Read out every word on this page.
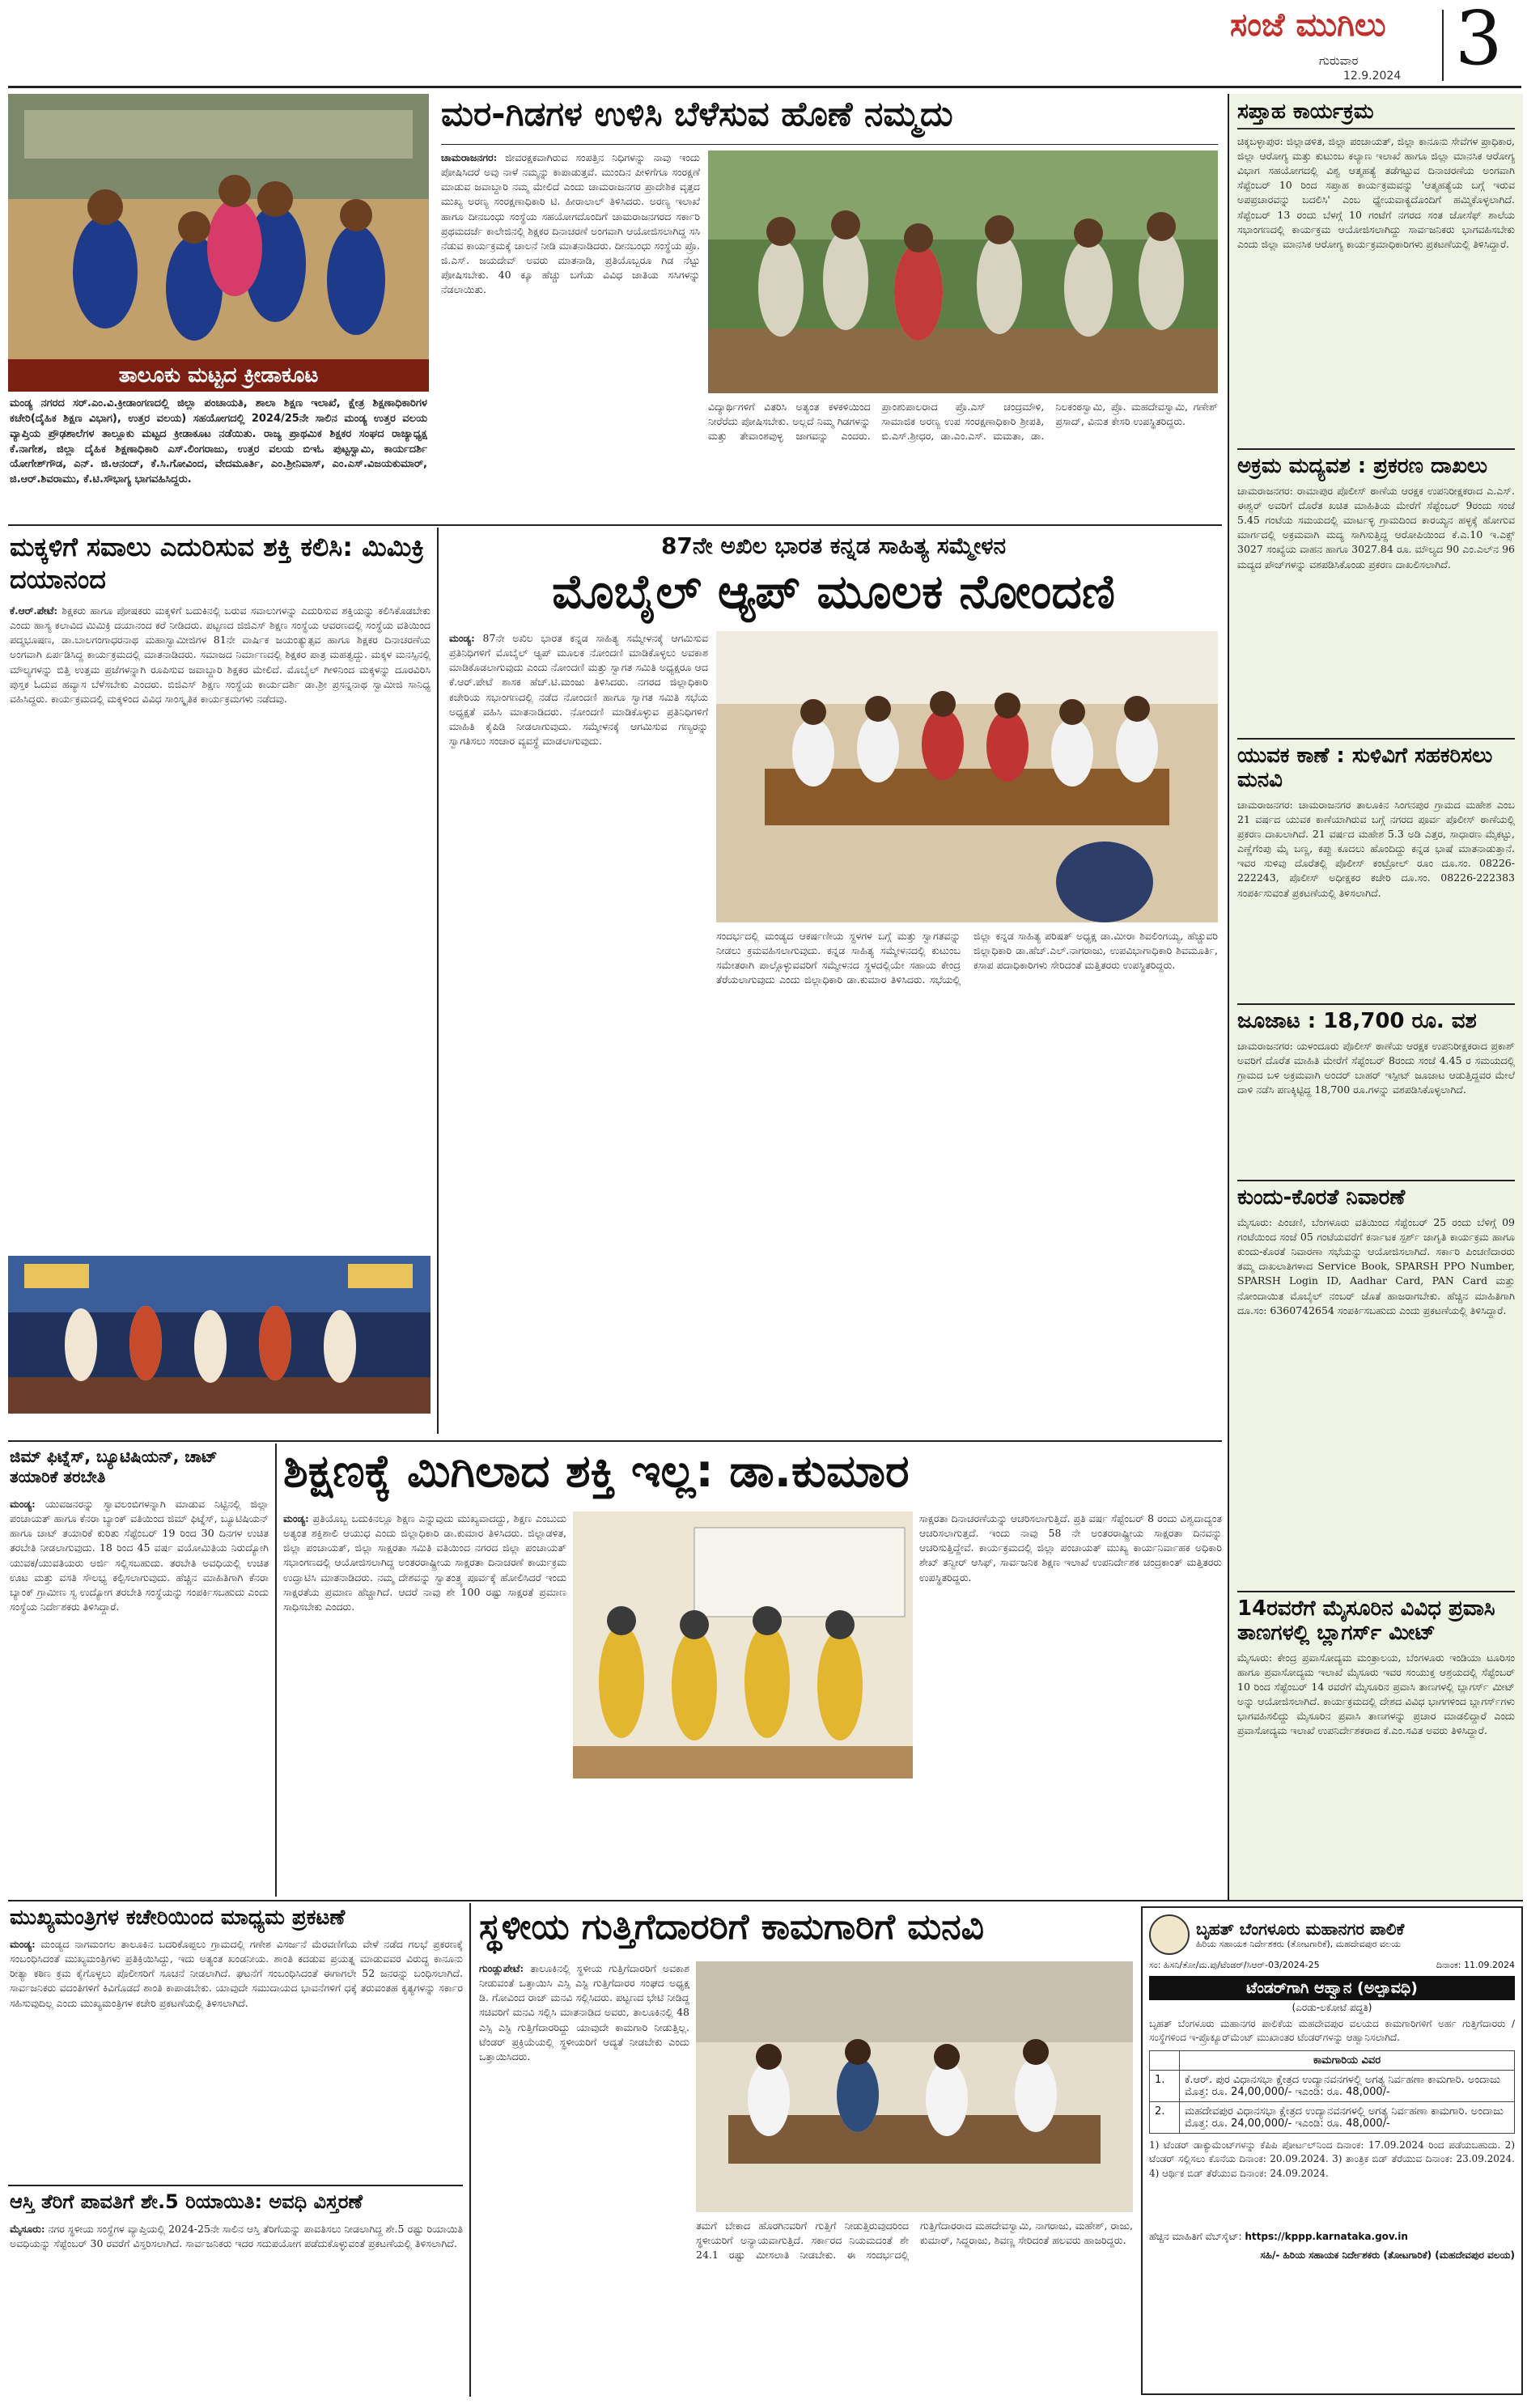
ಸಂಜೆ ಮುಗಿಲು
ಗುರುವಾರ
12.9.2024 3
ತಾಲೂಕು ಮಟ್ಟದ ಕ್ರೀಡಾಕೂಟ
ಮಂಡ್ಯ ನಗರದ ಸರ್.ಎಂ.ವಿ.ಕ್ರೀಡಾಂಗಣದಲ್ಲಿ ಜಿಲ್ಲಾ ಪಂಚಾಯತಿ, ಶಾಲಾ ಶಿಕ್ಷಣ ಇಲಾಖೆ, ಕ್ಷೇತ್ರ ಶಿಕ್ಷಣಾಧಿಕಾರಿಗಳ ಕಚೇರಿ(ದೈಹಿಕ ಶಿಕ್ಷಣ ವಿಭಾಗ), ಉತ್ತರ ವಲಯ) ಸಹಯೋಗದಲ್ಲಿ 2024/25ನೇ ಸಾಲಿನ ಮಂಡ್ಯ ಉತ್ತರ ವಲಯ ವ್ಯಾಪ್ತಿಯ ಪ್ರೌಢಶಾಲೆಗಳ ತಾಲ್ಲೂಕು ಮಟ್ಟದ ಕ್ರೀಡಾಕೂಟ ನಡೆಯಿತು. ರಾಜ್ಯ ಪ್ರಾಥಮಿಕ ಶಿಕ್ಷಕರ ಸಂಘದ ರಾಜ್ಯಾಧ್ಯಕ್ಷ ಕೆ.ನಾಗೇಶ, ಜಿಲ್ಲಾ ದೈಹಿಕ ಶಿಕ್ಷಣಾಧಿಕಾರಿ ಎಸ್.ಲಿಂಗರಾಜು, ಉತ್ತರ ವಲಯ ಬಿಇಓ ಪುಟ್ಟಸ್ವಾಮಿ, ಕಾರ್ಯದರ್ಶಿ ಯೋಗೇಶ್‌ಗೌಡ, ಎನ್. ಜಿ.ಆನಂದ್, ಕೆ.ಸಿ.ಗೋವಿಂದ, ವೇದಮೂರ್ತಿ, ಎಂ.ಶ್ರೀನಿವಾಸ್, ಎಂ.ಎಸ್.ವಿಜಯಕುಮಾರ್, ಜಿ.ಆರ್.ಶಿವರಾಮು, ಕೆ.ಟಿ.ಸೌಭಾಗ್ಯ ಭಾಗವಹಿಸಿದ್ದರು.
ಮರ-ಗಿಡಗಳ ಉಳಿಸಿ ಬೆಳೆಸುವ ಹೊಣೆ ನಮ್ಮದು
ಚಾಮರಾಜನಗರ: ಜೀವರಕ್ಷಕವಾಗಿರುವ ಸಂಪತ್ತಿನ ನಿಧಿಗಳನ್ನು ನಾವು ಇಂದು ಪೋಷಿಸಿದರೆ ಅವು ನಾಳೆ ನಮ್ಮನ್ನು ಕಾಪಾಡುತ್ತವೆ. ಮುಂದಿನ ಪೀಳಿಗೆಗೂ ಸಂರಕ್ಷಣೆ ಮಾಡುವ ಜವಾಬ್ದಾರಿ ನಮ್ಮ ಮೇಲಿದೆ ಎಂದು ಚಾಮರಾಜನಗರ ಪ್ರಾದೇಶಿಕ ವೃತ್ತದ ಮುಖ್ಯ ಅರಣ್ಯ ಸಂರಕ್ಷಣಾಧಿಕಾರಿ ಟಿ. ಹೀರಾಲಾಲ್ ತಿಳಿಸಿದರು. ಅರಣ್ಯ ಇಲಾಖೆ ಹಾಗೂ ದೀನಬಂಧು ಸಂಸ್ಥೆಯ ಸಹಯೋಗದೊಂದಿಗೆ ಚಾಮರಾಜನಗರದ ಸರ್ಕಾರಿ ಪ್ರಥಮದರ್ಜೆ ಕಾಲೇಜಿನಲ್ಲಿ ಶಿಕ್ಷಕರ ದಿನಾಚರಣೆ ಅಂಗವಾಗಿ ಆಯೋಜಿಸಲಾಗಿದ್ದ ಸಸಿ ನೆಡುವ ಕಾರ್ಯಕ್ರಮಕ್ಕೆ ಚಾಲನೆ ನೀಡಿ ಮಾತನಾಡಿದರು. ದೀನಬಂಧು ಸಂಸ್ಥೆಯ ಪ್ರೊ. ಜಿ.ಎಸ್. ಜಯದೇವ್ ಅವರು ಮಾತನಾಡಿ, ಪ್ರತಿಯೊಬ್ಬರೂ ಗಿಡ ನೆಟ್ಟು ಪೋಷಿಸಬೇಕು. 40 ಕ್ಕೂ ಹೆಚ್ಚು ಬಗೆಯ ವಿವಿಧ ಜಾತಿಯ ಸಸಿಗಳನ್ನು ನೆಡಲಾಯಿತು.
ವಿದ್ಯಾರ್ಥಿಗಳಿಗೆ ವಿತರಿಸಿ ಅತ್ಯಂತ ಕಳಕಳಿಯಿಂದ ನೀರೆರೆದು ಪೋಷಿಸಬೇಕು. ಅಲ್ಲದೆ ನಿಮ್ಮ ಗಿಡಗಳನ್ನು ಮತ್ತು ತೇವಾಂಶವುಳ್ಳ ಜಾಗವನ್ನು ಎಂದರು. ಪ್ರಾಂಶುಪಾಲರಾದ ಪ್ರೊ.ಎಸ್ ಚಂದ್ರಮೌಳಿ, ಸಾಮಾಜಿಕ ಅರಣ್ಯ ಉಪ ಸಂರಕ್ಷಣಾಧಿಕಾರಿ ಶ್ರೀಪತಿ, ಬಿ.ಎಸ್.ಶ್ರೀಧರ, ಡಾ.ಎಂ.ಎಸ್. ಮಮತಾ, ಡಾ. ನಿಲಕಂಠಸ್ವಾಮಿ, ಪ್ರೊ. ಮಹದೇವಸ್ವಾಮಿ, ಗಣೇಶ್ ಪ್ರಸಾದ್, ವಿನುತ ಕೇಸರಿ ಉಪಸ್ಥಿತರಿದ್ದರು.
ಸಪ್ತಾಹ ಕಾರ್ಯಕ್ರಮ
ಚಿಕ್ಕಬಳ್ಳಾಪುರ: ಜಿಲ್ಲಾಡಳಿತ, ಜಿಲ್ಲಾ ಪಂಚಾಯತ್, ಜಿಲ್ಲಾ ಕಾನೂನು ಸೇವೆಗಳ ಪ್ರಾಧಿಕಾರ, ಜಿಲ್ಲಾ ಆರೋಗ್ಯ ಮತ್ತು ಕುಟುಂಬ ಕಲ್ಯಾಣ ಇಲಾಖೆ ಹಾಗೂ ಜಿಲ್ಲಾ ಮಾನಸಿಕ ಆರೋಗ್ಯ ವಿಭಾಗ ಸಹಯೋಗದಲ್ಲಿ ವಿಶ್ವ ಆತ್ಮಹತ್ಯೆ ತಡೆಗಟ್ಟುವ ದಿನಾಚರಣೆಯ ಅಂಗವಾಗಿ ಸೆಪ್ಟೆಂಬರ್ 10 ರಿಂದ ಸಪ್ತಾಹ ಕಾರ್ಯಕ್ರಮವನ್ನು 'ಆತ್ಮಹತ್ಯೆಯ ಬಗ್ಗೆ ಇರುವ ಅಪಪ್ರಚಾರವನ್ನು ಬದಲಿಸಿ' ಎಂಬ ಧ್ಯೇಯವಾಕ್ಯದೊಂದಿಗೆ ಹಮ್ಮಿಕೊಳ್ಳಲಾಗಿದೆ. ಸೆಪ್ಟೆಂಬರ್ 13 ರಂದು ಬೆಳಗ್ಗೆ 10 ಗಂಟೆಗೆ ನಗರದ ಸಂತ ಜೋಸೆಫ್ ಶಾಲೆಯ ಸಭಾಂಗಣದಲ್ಲಿ ಕಾರ್ಯಕ್ರಮ ಆಯೋಜಿಸಲಾಗಿದ್ದು ಸಾರ್ವಜನಿಕರು ಭಾಗವಹಿಸಬೇಕು ಎಂದು ಜಿಲ್ಲಾ ಮಾನಸಿಕ ಆರೋಗ್ಯ ಕಾರ್ಯಕ್ರಮಾಧಿಕಾರಿಗಳು ಪ್ರಕಟಣೆಯಲ್ಲಿ ತಿಳಿಸಿದ್ದಾರೆ.
ಅಕ್ರಮ ಮದ್ಯವಶ : ಪ್ರಕರಣ ದಾಖಲು
ಚಾಮರಾಜನಗರ: ರಾಮಾಪುರ ಪೊಲೀಸ್ ಠಾಣೆಯ ಆರಕ್ಷಕ ಉಪನಿರೀಕ್ಷಕರಾದ ಎ.ಎಸ್. ಈಶ್ವರ್ ಅವರಿಗೆ ದೊರೆತ ಖಚಿತ ಮಾಹಿತಿಯ ಮೇರೆಗೆ ಸೆಪ್ಟೆಂಬರ್ 9ರಂದು ಸಂಜೆ 5.45 ಗಂಟೆಯ ಸಮಯದಲ್ಲಿ ಮಾರ್ಟಳ್ಳಿ ಗ್ರಾಮದಿಂದ ಕಾರಯ್ಯನ ಹಳ್ಳಕ್ಕೆ ಹೋಗುವ ಮಾರ್ಗದಲ್ಲಿ ಅಕ್ರಮವಾಗಿ ಮದ್ಯ ಸಾಗಿಸುತ್ತಿದ್ದ ಆರೋಪಿಯಿಂದ ಕೆ.ಎ.10 ಇ.ಎಕ್ಸ್ 3027 ಸಂಖ್ಯೆಯ ವಾಹನ ಹಾಗೂ 3027.84 ರೂ. ಮೌಲ್ಯದ 90 ಎಂ.ಎಲ್‌ನ 96 ಮದ್ಯದ ಪೌಚ್‌ಗಳನ್ನು ವಶಪಡಿಸಿಕೊಂಡು ಪ್ರಕರಣ ದಾಖಲಿಸಲಾಗಿದೆ.
ಯುವಕ ಕಾಣೆ : ಸುಳಿವಿಗೆ ಸಹಕರಿಸಲು ಮನವಿ
ಚಾಮರಾಜನಗರ: ಚಾಮರಾಜನಗರ ತಾಲೂಕಿನ ಸಿಂಗನಪುರ ಗ್ರಾಮದ ಮಹೇಶ ಎಂಬ 21 ವರ್ಷದ ಯುವಕ ಕಾಣೆಯಾಗಿರುವ ಬಗ್ಗೆ ನಗರದ ಪೂರ್ವ ಪೊಲೀಸ್ ಠಾಣೆಯಲ್ಲಿ ಪ್ರಕರಣ ದಾಖಲಾಗಿದೆ. 21 ವರ್ಷದ ಮಹೇಶ 5.3 ಅಡಿ ಎತ್ತರ, ಸಾಧಾರಣ ಮೈಕಟ್ಟು, ಎಣ್ಣೆಗೆಂಪು ಮೈ ಬಣ್ಣ, ಕಪ್ಪು ಕೂದಲು ಹೊಂದಿದ್ದು ಕನ್ನಡ ಭಾಷೆ ಮಾತನಾಡುತ್ತಾನೆ. ಇವರ ಸುಳಿವು ದೊರೆತಲ್ಲಿ ಪೊಲೀಸ್ ಕಂಟ್ರೋಲ್ ರೂಂ ದೂ.ಸಂ. 08226-222243, ಪೊಲೀಸ್ ಅಧೀಕ್ಷಕರ ಕಚೇರಿ ದೂ.ಸಂ. 08226-222383 ಸಂಪರ್ಕಿಸುವಂತೆ ಪ್ರಕಟಣೆಯಲ್ಲಿ ತಿಳಿಸಲಾಗಿದೆ.
ಜೂಜಾಟ : 18,700 ರೂ. ವಶ
ಚಾಮರಾಜನಗರ: ಯಳಂದೂರು ಪೊಲೀಸ್ ಠಾಣೆಯ ಆರಕ್ಷಕ ಉಪನಿರೀಕ್ಷಕರಾದ ಪ್ರಕಾಶ್ ಅವರಿಗೆ ದೊರೆತ ಮಾಹಿತಿ ಮೇರೆಗೆ ಸೆಪ್ಟೆಂಬರ್ 8ರಂದು ಸಂಜೆ 4.45 ರ ಸಮಯದಲ್ಲಿ ಗ್ರಾಮದ ಬಳಿ ಅಕ್ರಮವಾಗಿ ಅಂದರ್ ಬಾಹರ್ ಇಸ್ಪೀಟ್ ಜೂಜಾಟ ಆಡುತ್ತಿದ್ದವರ ಮೇಲೆ ದಾಳಿ ನಡೆಸಿ ಪಣಕ್ಕಿಟ್ಟಿದ್ದ 18,700 ರೂ.ಗಳನ್ನು ವಶಪಡಿಸಿಕೊಳ್ಳಲಾಗಿದೆ.
ಕುಂದು-ಕೊರತೆ ನಿವಾರಣೆ
ಮೈಸೂರು: ಪಿಂಚಣಿ, ಬೆಂಗಳೂರು ವತಿಯಿಂದ ಸೆಪ್ಟೆಂಬರ್ 25 ರಂದು ಬೆಳಿಗ್ಗೆ 09 ಗಂಟೆಯಿಂದ ಸಂಜೆ 05 ಗಂಟೆಯವರೆಗೆ ಕರ್ನಾಟಕ ಸ್ಪರ್ಶ್ ಜಾಗೃತಿ ಕಾರ್ಯಕ್ರಮ ಹಾಗೂ ಕುಂದು-ಕೊರತೆ ನಿವಾರಣಾ ಸಭೆಯನ್ನು ಆಯೋಜಿಸಲಾಗಿದೆ. ಸರ್ಕಾರಿ ಪಿಂಚಣಿದಾರರು ತಮ್ಮ ದಾಖಲಾತಿಗಳಾದ Service Book, SPARSH PPO Number, SPARSH Login ID, Aadhar Card, PAN Card ಮತ್ತು ನೋಂದಾಯಿತ ಮೊಬೈಲ್ ನಂಬರ್ ಜೊತೆ ಹಾಜರಾಗಬೇಕು. ಹೆಚ್ಚಿನ ಮಾಹಿತಿಗಾಗಿ ದೂ.ಸಂ: 6360742654 ಸಂಪರ್ಕಿಸಬಹುದು ಎಂದು ಪ್ರಕಟಣೆಯಲ್ಲಿ ತಿಳಿಸಿದ್ದಾರೆ.
14ರವರೆಗೆ ಮೈಸೂರಿನ ವಿವಿಧ ಪ್ರವಾಸಿ ತಾಣಗಳಲ್ಲಿ ಬ್ಲಾಗರ್ಸ್ ಮೀಟ್
ಮೈಸೂರು: ಕೇಂದ್ರ ಪ್ರವಾಸೋದ್ಯಮ ಮಂತ್ರಾಲಯ, ಬೆಂಗಳೂರು ಇಂಡಿಯಾ ಟೂರಿಸಂ ಹಾಗೂ ಪ್ರವಾಸೋದ್ಯಮ ಇಲಾಖೆ ಮೈಸೂರು ಇವರ ಸಂಯುಕ್ತ ಆಶ್ರಯದಲ್ಲಿ ಸೆಪ್ಟೆಂಬರ್ 10 ರಿಂದ ಸೆಪ್ಟೆಂಬರ್ 14 ರವರೆಗೆ ಮೈಸೂರಿನ ಪ್ರವಾಸಿ ತಾಣಗಳಲ್ಲಿ ಬ್ಲಾಗರ್ಸ್ ಮೀಟ್ ಅನ್ನು ಆಯೋಜಿಸಲಾಗಿದೆ. ಕಾರ್ಯಕ್ರಮದಲ್ಲಿ ದೇಶದ ವಿವಿಧ ಭಾಗಗಳಿಂದ ಬ್ಲಾಗರ್ಸ್‌ಗಳು ಭಾಗವಹಿಸಲಿದ್ದು ಮೈಸೂರಿನ ಪ್ರವಾಸಿ ತಾಣಗಳನ್ನು ಪ್ರಚಾರ ಮಾಡಲಿದ್ದಾರೆ ಎಂದು ಪ್ರವಾಸೋದ್ಯಮ ಇಲಾಖೆ ಉಪನಿರ್ದೇಶಕರಾದ ಕೆ.ಎಂ.ಸವಿತ ಅವರು ತಿಳಿಸಿದ್ದಾರೆ.
ಮಕ್ಕಳಿಗೆ ಸವಾಲು ಎದುರಿಸುವ ಶಕ್ತಿ ಕಲಿಸಿ: ಮಿಮಿಕ್ರಿ ದಯಾನಂದ
ಕೆ.ಆರ್.ಪೇಟೆ: ಶಿಕ್ಷಕರು ಹಾಗೂ ಪೋಷಕರು ಮಕ್ಕಳಿಗೆ ಬದುಕಿನಲ್ಲಿ ಬರುವ ಸವಾಲುಗಳನ್ನು ಎದುರಿಸುವ ಶಕ್ತಿಯನ್ನು ಕಲಿಸಿಕೊಡಬೇಕು ಎಂದು ಹಾಸ್ಯ ಕಲಾವಿದ ಮಿಮಿಕ್ರಿ ದಯಾನಂದ ಕರೆ ನೀಡಿದರು. ಪಟ್ಟಣದ ಜಿಜಿಎಸ್ ಶಿಕ್ಷಣ ಸಂಸ್ಥೆಯ ಆವರಣದಲ್ಲಿ ಸಂಸ್ಥೆಯ ವತಿಯಿಂದ ಪದ್ಮಭೂಷಣ, ಡಾ.ಬಾಲಗಂಗಾಧರನಾಥ ಮಹಾಸ್ವಾಮೀಜಿಗಳ 81ನೇ ವಾರ್ಷಿಕ ಜಯಂತ್ಯುತ್ಸವ ಹಾಗೂ ಶಿಕ್ಷಕರ ದಿನಾಚರಣೆಯ ಅಂಗವಾಗಿ ಏರ್ಪಡಿಸಿದ್ದ ಕಾರ್ಯಕ್ರಮದಲ್ಲಿ ಮಾತನಾಡಿದರು. ಸಮಾಜದ ನಿರ್ಮಾಣದಲ್ಲಿ ಶಿಕ್ಷಕರ ಪಾತ್ರ ಮಹತ್ವದ್ದು. ಮಕ್ಕಳ ಮನಸ್ಸಿನಲ್ಲಿ ಮೌಲ್ಯಗಳನ್ನು ಬಿತ್ತಿ ಉತ್ತಮ ಪ್ರಜೆಗಳನ್ನಾಗಿ ರೂಪಿಸುವ ಜವಾಬ್ದಾರಿ ಶಿಕ್ಷಕರ ಮೇಲಿದೆ. ಮೊಬೈಲ್ ಗೀಳಿನಿಂದ ಮಕ್ಕಳನ್ನು ದೂರವಿರಿಸಿ ಪುಸ್ತಕ ಓದುವ ಹವ್ಯಾಸ ಬೆಳೆಸಬೇಕು ಎಂದರು. ಬಿಜಿಎಸ್ ಶಿಕ್ಷಣ ಸಂಸ್ಥೆಯ ಕಾರ್ಯದರ್ಶಿ ಡಾ.ಶ್ರೀ ಪ್ರಸನ್ನನಾಥ ಸ್ವಾಮೀಜಿ ಸಾನಿಧ್ಯ ವಹಿಸಿದ್ದರು. ಕಾರ್ಯಕ್ರಮದಲ್ಲಿ ಮಕ್ಕಳಿಂದ ವಿವಿಧ ಸಾಂಸ್ಕೃತಿಕ ಕಾರ್ಯಕ್ರಮಗಳು ನಡೆದವು.
87ನೇ ಅಖಿಲ ಭಾರತ ಕನ್ನಡ ಸಾಹಿತ್ಯ ಸಮ್ಮೇಳನ
ಮೊಬೈಲ್ ಆ್ಯಪ್ ಮೂಲಕ ನೋಂದಣಿ
ಮಂಡ್ಯ: 87ನೇ ಅಖಿಲ ಭಾರತ ಕನ್ನಡ ಸಾಹಿತ್ಯ ಸಮ್ಮೇಳನಕ್ಕೆ ಆಗಮಿಸುವ ಪ್ರತಿನಿಧಿಗಳಿಗೆ ಮೊಬೈಲ್ ಆ್ಯಪ್ ಮೂಲಕ ನೋಂದಣಿ ಮಾಡಿಕೊಳ್ಳಲು ಅವಕಾಶ ಮಾಡಿಕೊಡಲಾಗುವುದು ಎಂದು ನೋಂದಣಿ ಮತ್ತು ಸ್ವಾಗತ ಸಮಿತಿ ಅಧ್ಯಕ್ಷರೂ ಆದ ಕೆ.ಆರ್.ಪೇಟೆ ಶಾಸಕ ಹೆಚ್.ಟಿ.ಮಂಜು ತಿಳಿಸಿದರು. ನಗರದ ಜಿಲ್ಲಾಧಿಕಾರಿ ಕಚೇರಿಯ ಸಭಾಂಗಣದಲ್ಲಿ ನಡೆದ ನೋಂದಣಿ ಹಾಗೂ ಸ್ವಾಗತ ಸಮಿತಿ ಸಭೆಯ ಅಧ್ಯಕ್ಷತೆ ವಹಿಸಿ ಮಾತನಾಡಿದರು. ನೋಂದಣಿ ಮಾಡಿಕೊಳ್ಳುವ ಪ್ರತಿನಿಧಿಗಳಿಗೆ ಮಾಹಿತಿ ಕೈಪಿಡಿ ನೀಡಲಾಗುವುದು. ಸಮ್ಮೇಳನಕ್ಕೆ ಆಗಮಿಸುವ ಗಣ್ಯರನ್ನು ಸ್ವಾಗತಿಸಲು ಸಂಚಾರ ವ್ಯವಸ್ಥೆ ಮಾಡಲಾಗುವುದು.
ಸಂದರ್ಭದಲ್ಲಿ ಮಂಡ್ಯದ ಆಕರ್ಷಣೀಯ ಸ್ಥಳಗಳ ಬಗ್ಗೆ ಮತ್ತು ಸ್ವಾಗತವನ್ನು ನೀಡಲು ಕ್ರಮವಹಿಸಲಾಗುವುದು. ಕನ್ನಡ ಸಾಹಿತ್ಯ ಸಮ್ಮೇಳನದಲ್ಲಿ ಕುಟುಂಬ ಸಮೇತರಾಗಿ ಪಾಲ್ಗೊಳ್ಳುವವರಿಗೆ ಸಮ್ಮೇಳನದ ಸ್ಥಳದಲ್ಲಿಯೇ ಸಹಾಯ ಕೇಂದ್ರ ತೆರೆಯಲಾಗುವುದು ಎಂದು ಜಿಲ್ಲಾಧಿಕಾರಿ ಡಾ.ಕುಮಾರ ತಿಳಿಸಿದರು. ಸಭೆಯಲ್ಲಿ ಜಿಲ್ಲಾ ಕನ್ನಡ ಸಾಹಿತ್ಯ ಪರಿಷತ್ ಅಧ್ಯಕ್ಷ ಡಾ.ಮೀರಾ ಶಿವಲಿಂಗಯ್ಯ, ಹೆಚ್ಚುವರಿ ಜಿಲ್ಲಾಧಿಕಾರಿ ಡಾ.ಹೆಚ್.ಎಲ್.ನಾಗರಾಜು, ಉಪವಿಭಾಗಾಧಿಕಾರಿ ಶಿವಮೂರ್ತಿ, ಕಸಾಪ ಪದಾಧಿಕಾರಿಗಳು ಸೇರಿದಂತೆ ಮತ್ತಿತರರು ಉಪಸ್ಥಿತರಿದ್ದರು.
ಜಿಮ್ ಫಿಟ್ನೆಸ್, ಬ್ಯೂಟಿಷಿಯನ್, ಚಾಟ್ ತಯಾರಿಕೆ ತರಬೇತಿ
ಮಂಡ್ಯ: ಯುವಜನರನ್ನು ಸ್ವಾವಲಂಬಿಗಳನ್ನಾಗಿ ಮಾಡುವ ನಿಟ್ಟಿನಲ್ಲಿ ಜಿಲ್ಲಾ ಪಂಚಾಯತ್ ಹಾಗೂ ಕೆನರಾ ಬ್ಯಾಂಕ್ ವತಿಯಿಂದ ಜಿಮ್ ಫಿಟ್ನೆಸ್, ಬ್ಯೂಟಿಷಿಯನ್ ಹಾಗೂ ಚಾಟ್ ತಯಾರಿಕೆ ಕುರಿತು ಸೆಪ್ಟೆಂಬರ್ 19 ರಿಂದ 30 ದಿನಗಳ ಉಚಿತ ತರಬೇತಿ ನೀಡಲಾಗುವುದು. 18 ರಿಂದ 45 ವರ್ಷ ವಯೋಮಿತಿಯ ನಿರುದ್ಯೋಗಿ ಯುವಕ/ಯುವತಿಯರು ಅರ್ಜಿ ಸಲ್ಲಿಸಬಹುದು. ತರಬೇತಿ ಅವಧಿಯಲ್ಲಿ ಉಚಿತ ಊಟ ಮತ್ತು ವಸತಿ ಸೌಲಭ್ಯ ಕಲ್ಪಿಸಲಾಗುವುದು. ಹೆಚ್ಚಿನ ಮಾಹಿತಿಗಾಗಿ ಕೆನರಾ ಬ್ಯಾಂಕ್ ಗ್ರಾಮೀಣ ಸ್ವ ಉದ್ಯೋಗ ತರಬೇತಿ ಸಂಸ್ಥೆಯನ್ನು ಸಂಪರ್ಕಿಸಬಹುದು ಎಂದು ಸಂಸ್ಥೆಯ ನಿರ್ದೇಶಕರು ತಿಳಿಸಿದ್ದಾರೆ.
ಶಿಕ್ಷಣಕ್ಕೆ ಮಿಗಿಲಾದ ಶಕ್ತಿ ಇಲ್ಲ: ಡಾ.ಕುಮಾರ
ಮಂಡ್ಯ: ಪ್ರತಿಯೊಬ್ಬ ಬದುಕಿನಲ್ಲೂ ಶಿಕ್ಷಣ ಎನ್ನುವುದು ಮುಖ್ಯವಾದದ್ದು, ಶಿಕ್ಷಣ ಎಂಬುದು ಅತ್ಯಂತ ಶಕ್ತಿಶಾಲಿ ಆಯುಧ ಎಂದು ಜಿಲ್ಲಾಧಿಕಾರಿ ಡಾ.ಕುಮಾರ ತಿಳಿಸಿದರು. ಜಿಲ್ಲಾಡಳಿತ, ಜಿಲ್ಲಾ ಪಂಚಾಯತ್, ಜಿಲ್ಲಾ ಸಾಕ್ಷರತಾ ಸಮಿತಿ ವತಿಯಿಂದ ನಗರದ ಜಿಲ್ಲಾ ಪಂಚಾಯತ್ ಸಭಾಂಗಣದಲ್ಲಿ ಆಯೋಜಿಸಲಾಗಿದ್ದ ಅಂತರರಾಷ್ಟ್ರೀಯ ಸಾಕ್ಷರತಾ ದಿನಾಚರಣೆ ಕಾರ್ಯಕ್ರಮ ಉದ್ಘಾಟಿಸಿ ಮಾತನಾಡಿದರು. ನಮ್ಮ ದೇಶವನ್ನು ಸ್ವಾತಂತ್ರ್ಯ ಪೂರ್ವಕ್ಕೆ ಹೋಲಿಸಿದರೆ ಇಂದು ಸಾಕ್ಷರತೆಯ ಪ್ರಮಾಣ ಹೆಚ್ಚಾಗಿದೆ. ಆದರೆ ನಾವು ಶೇ 100 ರಷ್ಟು ಸಾಕ್ಷರತೆ ಪ್ರಮಾಣ ಸಾಧಿಸಬೇಕು ಎಂದರು.
ಸಾಕ್ಷರತಾ ದಿನಾಚರಣೆಯನ್ನು ಆಚರಿಸಲಾಗುತ್ತಿದೆ. ಪ್ರತಿ ವರ್ಷ ಸೆಪ್ಟೆಂಬರ್ 8 ರಂದು ವಿಶ್ವದಾದ್ಯಂತ ಆಚರಿಸಲಾಗುತ್ತದೆ. ಇಂದು ನಾವು 58 ನೇ ಅಂತರರಾಷ್ಟ್ರೀಯ ಸಾಕ್ಷರತಾ ದಿನವನ್ನು ಆಚರಿಸುತ್ತಿದ್ದೇವೆ. ಕಾರ್ಯಕ್ರಮದಲ್ಲಿ ಜಿಲ್ಲಾ ಪಂಚಾಯತ್ ಮುಖ್ಯ ಕಾರ್ಯನಿರ್ವಾಹಕ ಅಧಿಕಾರಿ ಶೇಖ್ ತನ್ವೀರ್ ಆಸಿಫ್, ಸಾರ್ವಜನಿಕ ಶಿಕ್ಷಣ ಇಲಾಖೆ ಉಪನಿರ್ದೇಶಕ ಚಂದ್ರಕಾಂತ್ ಮತ್ತಿತರರು ಉಪಸ್ಥಿತರಿದ್ದರು.
ಮುಖ್ಯಮಂತ್ರಿಗಳ ಕಚೇರಿಯಿಂದ ಮಾಧ್ಯಮ ಪ್ರಕಟಣೆ
ಮಂಡ್ಯ: ಮಂಡ್ಯದ ನಾಗಮಂಗಲ ತಾಲೂಕಿನ ಬದರಿಕೊಪ್ಪಲು ಗ್ರಾಮದಲ್ಲಿ ಗಣೇಶ ವಿಸರ್ಜನೆ ಮೆರವಣಿಗೆಯ ವೇಳೆ ನಡೆದ ಗಲಭೆ ಪ್ರಕರಣಕ್ಕೆ ಸಂಬಂಧಿಸಿದಂತೆ ಮುಖ್ಯಮಂತ್ರಿಗಳು ಪ್ರತಿಕ್ರಿಯಿಸಿದ್ದು, ಇದು ಅತ್ಯಂತ ಖಂಡನೀಯ. ಶಾಂತಿ ಕದಡುವ ಪ್ರಯತ್ನ ಮಾಡುವವರ ವಿರುದ್ಧ ಕಾನೂನು ರೀತ್ಯಾ ಕಠಿಣ ಕ್ರಮ ಕೈಗೊಳ್ಳಲು ಪೊಲೀಸರಿಗೆ ಸೂಚನೆ ನೀಡಲಾಗಿದೆ. ಘಟನೆಗೆ ಸಂಬಂಧಿಸಿದಂತೆ ಈಗಾಗಲೇ 52 ಜನರನ್ನು ಬಂಧಿಸಲಾಗಿದೆ. ಸಾರ್ವಜನಿಕರು ವದಂತಿಗಳಿಗೆ ಕಿವಿಗೊಡದೆ ಶಾಂತಿ ಕಾಪಾಡಬೇಕು. ಯಾವುದೇ ಸಮುದಾಯದ ಭಾವನೆಗಳಿಗೆ ಧಕ್ಕೆ ತರುವಂತಹ ಕೃತ್ಯಗಳನ್ನು ಸರ್ಕಾರ ಸಹಿಸುವುದಿಲ್ಲ ಎಂದು ಮುಖ್ಯಮಂತ್ರಿಗಳ ಕಚೇರಿ ಪ್ರಕಟಣೆಯಲ್ಲಿ ತಿಳಿಸಲಾಗಿದೆ.
ಆಸ್ತಿ ತೆರಿಗೆ ಪಾವತಿಗೆ ಶೇ.5 ರಿಯಾಯಿತಿ: ಅವಧಿ ವಿಸ್ತರಣೆ
ಮೈಸೂರು: ನಗರ ಸ್ಥಳೀಯ ಸಂಸ್ಥೆಗಳ ವ್ಯಾಪ್ತಿಯಲ್ಲಿ 2024-25ನೇ ಸಾಲಿನ ಆಸ್ತಿ ತೆರಿಗೆಯನ್ನು ಪಾವತಿಸಲು ನೀಡಲಾಗಿದ್ದ ಶೇ.5 ರಷ್ಟು ರಿಯಾಯಿತಿ ಅವಧಿಯನ್ನು ಸೆಪ್ಟೆಂಬರ್ 30 ರವರೆಗೆ ವಿಸ್ತರಿಸಲಾಗಿದೆ. ಸಾರ್ವಜನಿಕರು ಇದರ ಸದುಪಯೋಗ ಪಡೆದುಕೊಳ್ಳುವಂತೆ ಪ್ರಕಟಣೆಯಲ್ಲಿ ತಿಳಿಸಲಾಗಿದೆ.
ಸ್ಥಳೀಯ ಗುತ್ತಿಗೆದಾರರಿಗೆ ಕಾಮಗಾರಿಗೆ ಮನವಿ
ಗುಂಡ್ಲುಪೇಟೆ: ತಾಲೂಕಿನಲ್ಲಿ ಸ್ಥಳೀಯ ಗುತ್ತಿಗೆದಾರರಿಗೆ ಅವಕಾಶ ನೀಡುವಂತೆ ಒತ್ತಾಯಿಸಿ ಎಸ್ಸಿ ಎಸ್ಟಿ ಗುತ್ತಿಗೆದಾರರ ಸಂಘದ ಅಧ್ಯಕ್ಷ ಡಿ. ಗೋವಿಂದ ರಾಜ್ ಮನವಿ ಸಲ್ಲಿಸಿದರು. ಪಟ್ಟಣದ ಭೇಟಿ ನೀಡಿದ್ದ ಸಚಿವರಿಗೆ ಮನವಿ ಸಲ್ಲಿಸಿ ಮಾತನಾಡಿದ ಅವರು, ತಾಲೂಕಿನಲ್ಲಿ 48 ಎಸ್ಸಿ ಎಸ್ಟಿ ಗುತ್ತಿಗೆದಾರರಿದ್ದು ಯಾವುದೇ ಕಾಮಗಾರಿ ನೀಡುತ್ತಿಲ್ಲ. ಟೆಂಡರ್ ಪ್ರಕ್ರಿಯೆಯಲ್ಲಿ ಸ್ಥಳೀಯರಿಗೆ ಆದ್ಯತೆ ನೀಡಬೇಕು ಎಂದು ಒತ್ತಾಯಿಸಿದರು.
ತಮಗೆ ಬೇಕಾದ ಹೊರಗಿನವರಿಗೆ ಗುತ್ತಿಗೆ ನೀಡುತ್ತಿರುವುದರಿಂದ ಸ್ಥಳೀಯರಿಗೆ ಅನ್ಯಾಯವಾಗುತ್ತಿದೆ. ಸರ್ಕಾರದ ನಿಯಮದಂತೆ ಶೇ 24.1 ರಷ್ಟು ಮೀಸಲಾತಿ ನೀಡಬೇಕು. ಈ ಸಂದರ್ಭದಲ್ಲಿ ಗುತ್ತಿಗೆದಾರರಾದ ಮಹದೇವಸ್ವಾಮಿ, ನಾಗರಾಜು, ಮಹೇಶ್, ರಾಜು, ಕುಮಾರ್, ಸಿದ್ದರಾಜು, ಶಿವಣ್ಣ ಸೇರಿದಂತೆ ಹಲವರು ಹಾಜರಿದ್ದರು.
ಬೃಹತ್ ಬೆಂಗಳೂರು ಮಹಾನಗರ ಪಾಲಿಕೆ
ಹಿರಿಯ ಸಹಾಯಕ ನಿರ್ದೇಶಕರು (ತೋಟಗಾರಿಕೆ), ಮಹದೇವಪುರ ವಲಯ
ಸಂ: ಹಿಸನಿ/ತೋ/ಮ.ಪು/ಟೆಂಡರ್/ಸಿಆರ್-03/2024-25	ದಿನಾಂಕ: 11.09.2024
ಟೆಂಡರ್‌ಗಾಗಿ ಆಹ್ವಾನ (ಅಲ್ಪಾವಧಿ)
(ಎರಡು-ಲಕೋಟೆ ಪದ್ಧತಿ)
ಬೃಹತ್ ಬೆಂಗಳೂರು ಮಹಾನಗರ ಪಾಲಿಕೆಯ ಮಹದೇವಪುರ ವಲಯದ ಕಾಮಗಾರಿಗಳಿಗೆ ಅರ್ಹ ಗುತ್ತಿಗೆದಾರರು / ಸಂಸ್ಥೆಗಳಿಂದ ಇ-ಪ್ರೊಕ್ಯೂರ್‌ಮೆಂಟ್ ಮುಖಾಂತರ ಟೆಂಡರ್‌ಗಳನ್ನು ಆಹ್ವಾನಿಸಲಾಗಿದೆ.
	ಕಾಮಗಾರಿಯ ವಿವರ
1.	ಕೆ.ಆರ್. ಪುರ ವಿಧಾನಸಭಾ ಕ್ಷೇತ್ರದ ಉದ್ಯಾನವನಗಳಲ್ಲಿ ಅಗತ್ಯ ನಿರ್ವಹಣಾ ಕಾಮಗಾರಿ. ಅಂದಾಜು ಮೊತ್ತ: ರೂ. 24,00,000/- ಇಎಂಡಿ: ರೂ. 48,000/-
2.	ಮಹದೇವಪುರ ವಿಧಾನಸಭಾ ಕ್ಷೇತ್ರದ ಉದ್ಯಾನವನಗಳಲ್ಲಿ ಅಗತ್ಯ ನಿರ್ವಹಣಾ ಕಾಮಗಾರಿ. ಅಂದಾಜು ಮೊತ್ತ: ರೂ. 24,00,000/- ಇಎಂಡಿ: ರೂ. 48,000/-
1) ಟೆಂಡರ್ ಡಾಕ್ಯುಮೆಂಟ್‌ಗಳನ್ನು ಕೆಪಿಪಿ ಪೋರ್ಟಲ್‌ನಿಂದ ದಿನಾಂಕ: 17.09.2024 ರಿಂದ ಪಡೆಯಬಹುದು. 2) ಟೆಂಡರ್ ಸಲ್ಲಿಸಲು ಕೊನೆಯ ದಿನಾಂಕ: 20.09.2024. 3) ತಾಂತ್ರಿಕ ಬಿಡ್ ತೆರೆಯುವ ದಿನಾಂಕ: 23.09.2024. 4) ಆರ್ಥಿಕ ಬಿಡ್ ತೆರೆಯುವ ದಿನಾಂಕ: 24.09.2024.
ಹೆಚ್ಚಿನ ಮಾಹಿತಿಗೆ ವೆಬ್‌ಸೈಟ್: https://kppp.karnataka.gov.in
ಸಹಿ/- ಹಿರಿಯ ಸಹಾಯಕ ನಿರ್ದೇಶಕರು (ತೋಟಗಾರಿಕೆ) (ಮಹದೇವಪುರ ವಲಯ)
